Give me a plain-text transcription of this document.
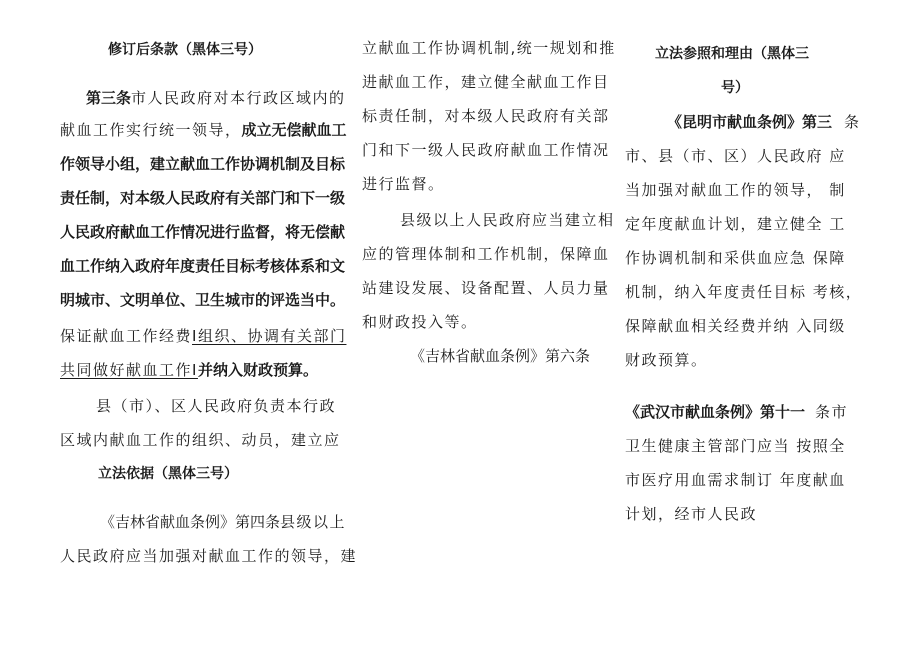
修订后条款（黑体三号）
第三条市人民政府对本行政区域内的
献血工作实行统一领导，成立无偿献血工
作领导小组，建立献血工作协调机制及目标
责任制，对本级人民政府有关部门和下一级
人民政府献血工作情况进行监督，将无偿献
血工作纳入政府年度责任目标考核体系和文
明城市、文明单位、卫生城市的评选当中。
保证献血工作经费I组织、协调有关部门
共同做好献血工作I并纳入财政预算。
县（市）、区人民政府负责本行政
区域内献血工作的组织、动员，建立应
立法依据（黑体三号）
《吉林省献血条例》第四条县级以上
人民政府应当加强对献血工作的领导，建
立献血工作协调机制,统一规划和推
进献血工作，建立健全献血工作目
标责任制，对本级人民政府有关部
门和下一级人民政府献血工作情况
进行监督。
县级以上人民政府应当建立相
应的管理体制和工作机制，保障血
站建设发展、设备配置、人员力量
和财政投入等。
《吉林省献血条例》第六条
立法参照和理由（黑体三
号）
《昆明市献血条例》第三 条
市、县（市、区）人民政府 应
当加强对献血工作的领导， 制
定年度献血计划，建立健全 工
作协调机制和采供血应急 保障
机制，纳入年度责任目标 考核，
保障献血相关经费并纳 入同级
财政预算。
《武汉市献血条例》第十一 条市
卫生健康主管部门应当 按照全
市医疗用血需求制订 年度献血
计划，经市人民政
